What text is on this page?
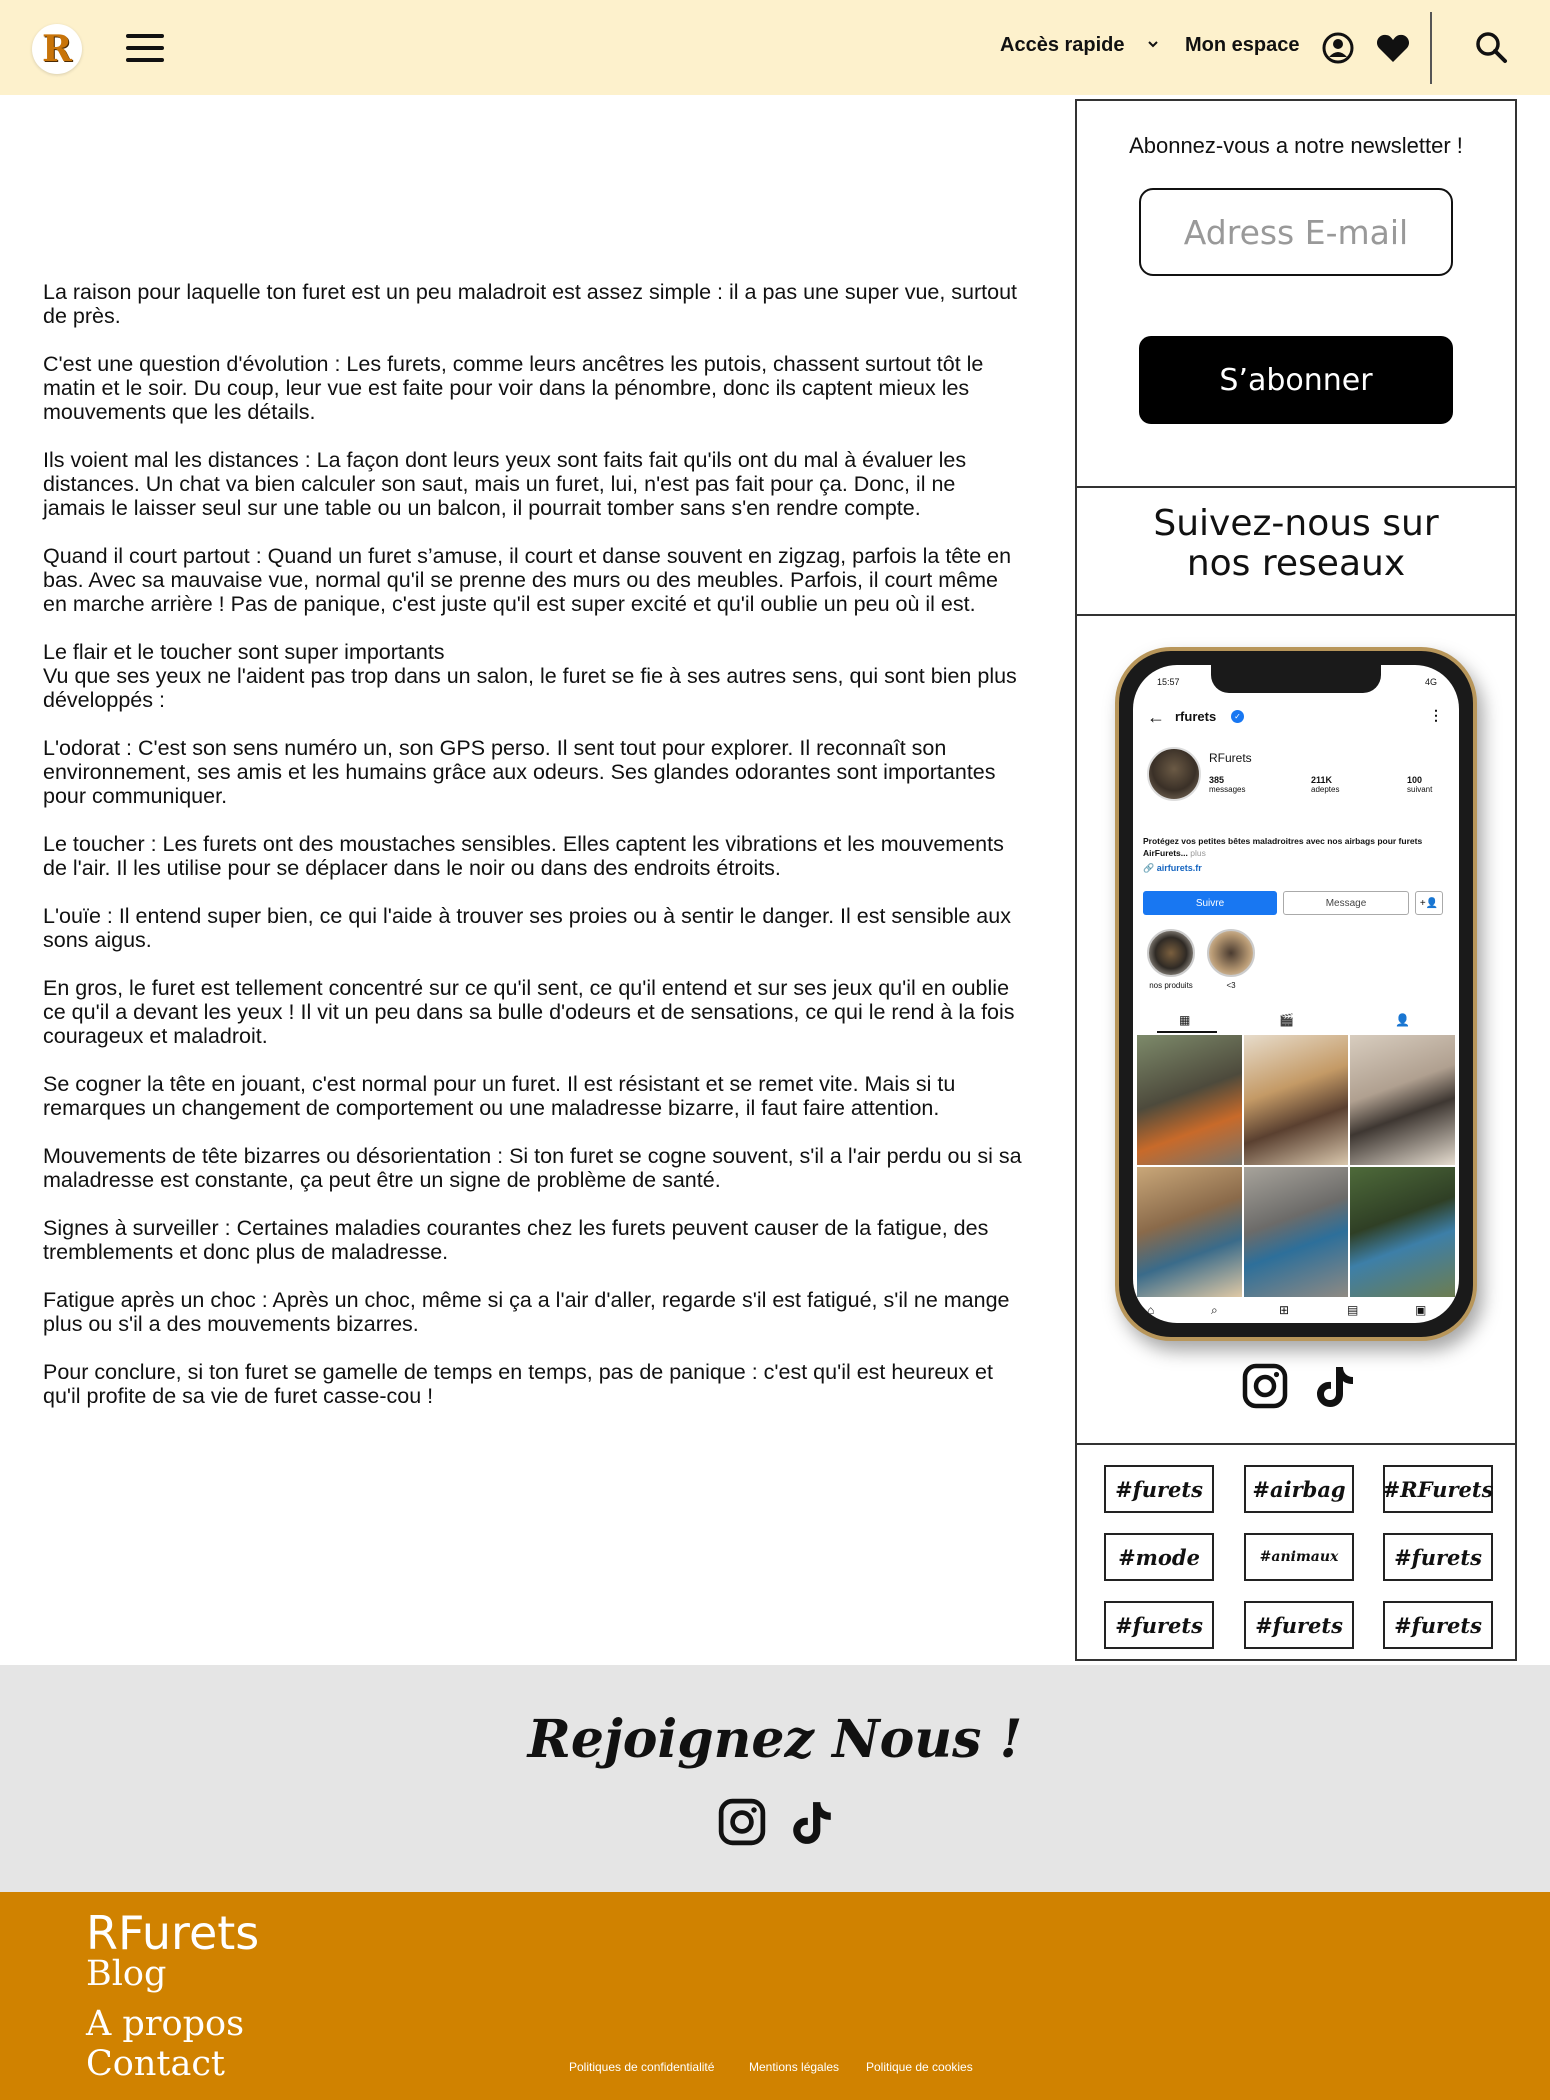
R	Accès rapide	Mon espace

La raison pour laquelle ton furet est un peu maladroit est assez simple : il a pas une super vue, surtout de près.

C'est une question d'évolution : Les furets, comme leurs ancêtres les putois, chassent surtout tôt le matin et le soir. Du coup, leur vue est faite pour voir dans la pénombre, donc ils captent mieux les mouvements que les détails.

Ils voient mal les distances : La façon dont leurs yeux sont faits fait qu'ils ont du mal à évaluer les distances. Un chat va bien calculer son saut, mais un furet, lui, n'est pas fait pour ça. Donc, il ne jamais le laisser seul sur une table ou un balcon, il pourrait tomber sans s'en rendre compte.

Quand il court partout : Quand un furet s’amuse, il court et danse souvent en zigzag, parfois la tête en bas. Avec sa mauvaise vue, normal qu'il se prenne des murs ou des meubles. Parfois, il court même en marche arrière ! Pas de panique, c'est juste qu'il est super excité et qu'il oublie un peu où il est.

Le flair et le toucher sont super importants
Vu que ses yeux ne l'aident pas trop dans un salon, le furet se fie à ses autres sens, qui sont bien plus développés :

L'odorat : C'est son sens numéro un, son GPS perso. Il sent tout pour explorer. Il reconnaît son environnement, ses amis et les humains grâce aux odeurs. Ses glandes odorantes sont importantes pour communiquer.

Le toucher : Les furets ont des moustaches sensibles. Elles captent les vibrations et les mouvements de l'air. Il les utilise pour se déplacer dans le noir ou dans des endroits étroits.

L'ouïe : Il entend super bien, ce qui l'aide à trouver ses proies ou à sentir le danger. Il est sensible aux sons aigus.

En gros, le furet est tellement concentré sur ce qu'il sent, ce qu'il entend et sur ses jeux qu'il en oublie ce qu'il a devant les yeux ! Il vit un peu dans sa bulle d'odeurs et de sensations, ce qui le rend à la fois courageux et maladroit.

Se cogner la tête en jouant, c'est normal pour un furet. Il est résistant et se remet vite. Mais si tu remarques un changement de comportement ou une maladresse bizarre, il faut faire attention.

Mouvements de tête bizarres ou désorientation : Si ton furet se cogne souvent, s'il a l'air perdu ou si sa maladresse est constante, ça peut être un signe de problème de santé.

Signes à surveiller : Certaines maladies courantes chez les furets peuvent causer de la fatigue, des tremblements et donc plus de maladresse.

Fatigue après un choc : Après un choc, même si ça a l'air d'aller, regarde s'il est fatigué, s'il ne mange plus ou s'il a des mouvements bizarres.

Pour conclure, si ton furet se gamelle de temps en temps, pas de panique : c'est qu'il est heureux et qu'il profite de sa vie de furet casse-cou !

Abonnez-vous a notre newsletter !
Adress E-mail
S’abonner
Suivez-nous sur nos reseaux
15:57	4G
← rfurets	✓	⋮
RFurets
385
messages
211K
adeptes
100
suivant
Protégez vos petites bêtes maladroitres avec nos airbags pour furets AirFurets... plus
🔗 airfurets.fr
Suivre	Message	+👤
nos produits	<3
▦	🎬	👤
⌂	⌕	⊞	▤	▣
#furets	#airbag	#RFurets
#mode	#animaux	#furets
#furets	#furets	#furets
Rejoignez Nous !
RFurets
Blog
A propos
Contact	Politiques de confidentialité	Mentions légales Politique de cookies
